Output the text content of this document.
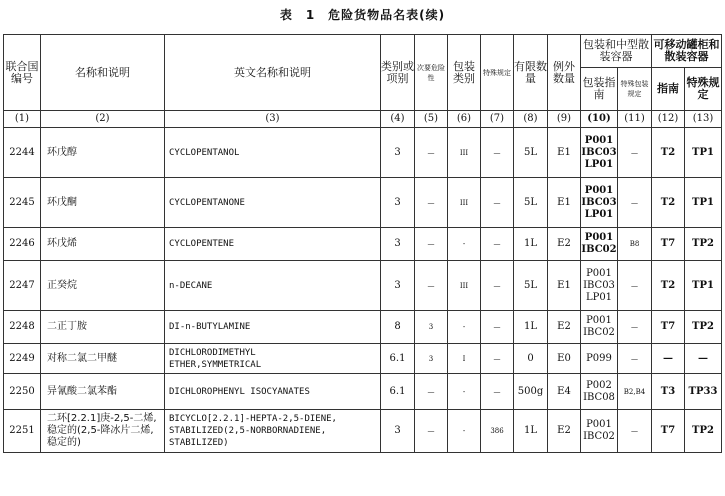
表　1　危险货物品名表(续)
联合国编号	名称和说明	英文名称和说明	类别或项别	次要危险性	包装类别	特殊规定	有限数量	例外数量	包装和中型散装容器		可移动罐柜和散装容器	
									包装指南	特殊包装规定	指南	特殊规定
(1)	(2)	(3)	(4)	(5)	(6)	(7)	(8)	(9)	(10)	(11)	(12)	(13)
2244	环戊醇	CYCLOPENTANOL	3	—	III	—	5L	E1	P001
IBC03
LP01	—	T2	TP1
2245	环戊酮	CYCLOPENTANONE	3	—	III	—	5L	E1	P001
IBC03
LP01	—	T2	TP1
2246	环戊烯	CYCLOPENTENE	3	—	-	—	1L	E2	P001
IBC02	B8	T7	TP2
2247	正癸烷	n-DECANE	3	—	III	—	5L	E1	P001
IBC03
LP01	—	T2	TP1
2248	二正丁胺	DI-n-BUTYLAMINE	8	3	-	—	1L	E2	P001
IBC02	—	T7	TP2
2249	对称二氯二甲醚	DICHLORODIMETHYL
ETHER,SYMMETRICAL	6.1	3	I	—	0	E0	P099	—	—	—
2250	异氰酸二氯苯酯	DICHLOROPHENYL ISOCYANATES	6.1	—	-	—	500g	E4	P002
IBC08	B2,B4	T3	TP33
2251	二环[2.2.1]庚-2,5-二烯,
稳定的(2,5-降冰片二烯,
稳定的)	BICYCLO[2.2.1]-HEPTA-2,5-DIENE,
STABILIZED(2,5-NORBORNADIENE,
STABILIZED)	3	—	-	386	1L	E2	P001
IBC02	—	T7	TP2
